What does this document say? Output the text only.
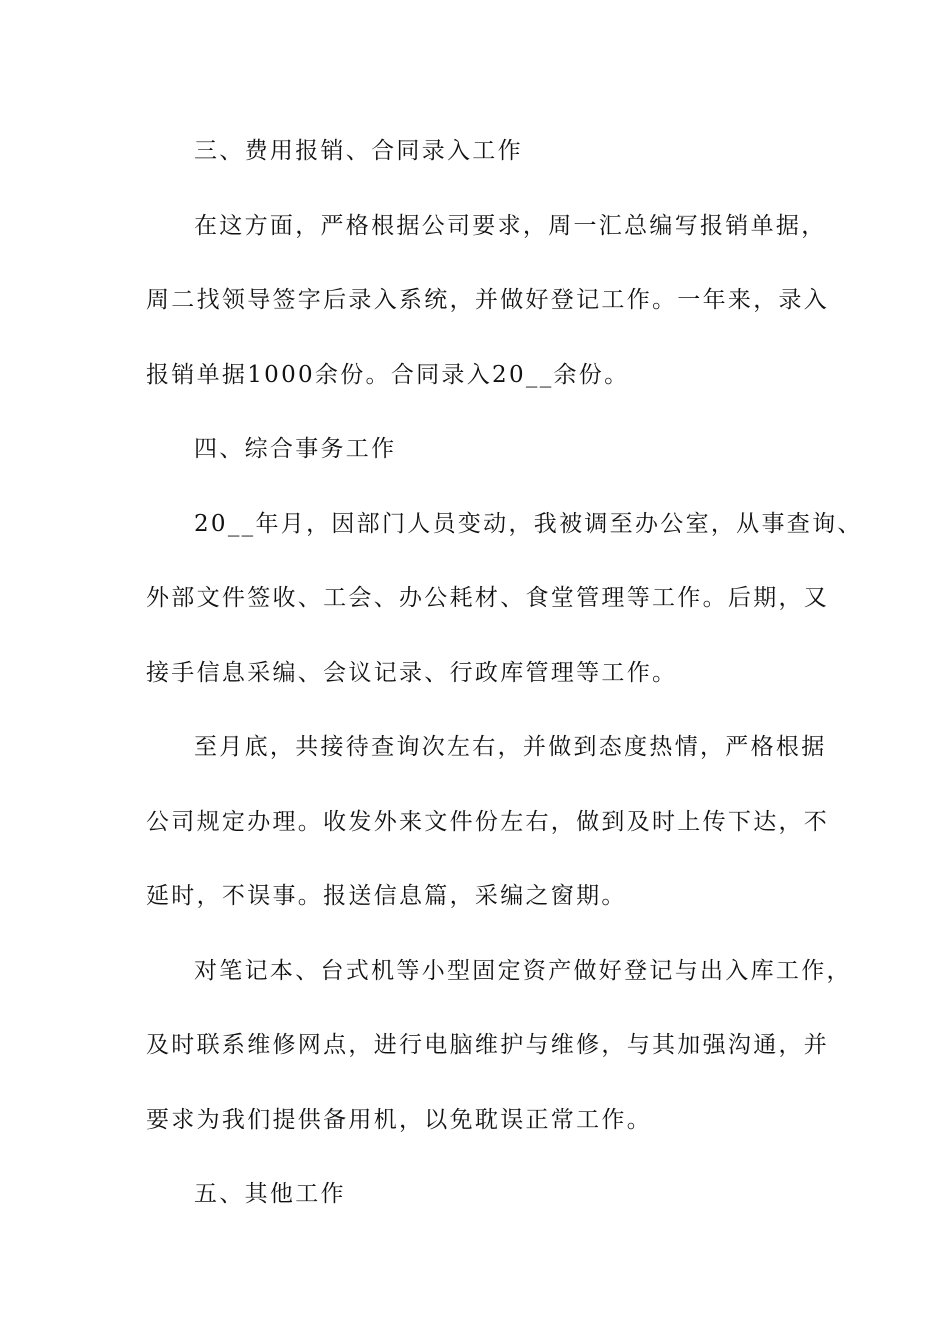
三、费用报销、合同录入工作

在这方面，严格根据公司要求，周一汇总编写报销单据，

周二找领导签字后录入系统，并做好登记工作。一年来，录入

报销单据1000余份。合同录入20__余份。

四、综合事务工作

20__年月，因部门人员变动，我被调至办公室，从事查询、

外部文件签收、工会、办公耗材、食堂管理等工作。后期，又

接手信息采编、会议记录、行政库管理等工作。

至月底，共接待查询次左右，并做到态度热情，严格根据

公司规定办理。收发外来文件份左右，做到及时上传下达，不

延时，不误事。报送信息篇，采编之窗期。

对笔记本、台式机等小型固定资产做好登记与出入库工作，

及时联系维修网点，进行电脑维护与维修，与其加强沟通，并

要求为我们提供备用机，以免耽误正常工作。

五、其他工作
